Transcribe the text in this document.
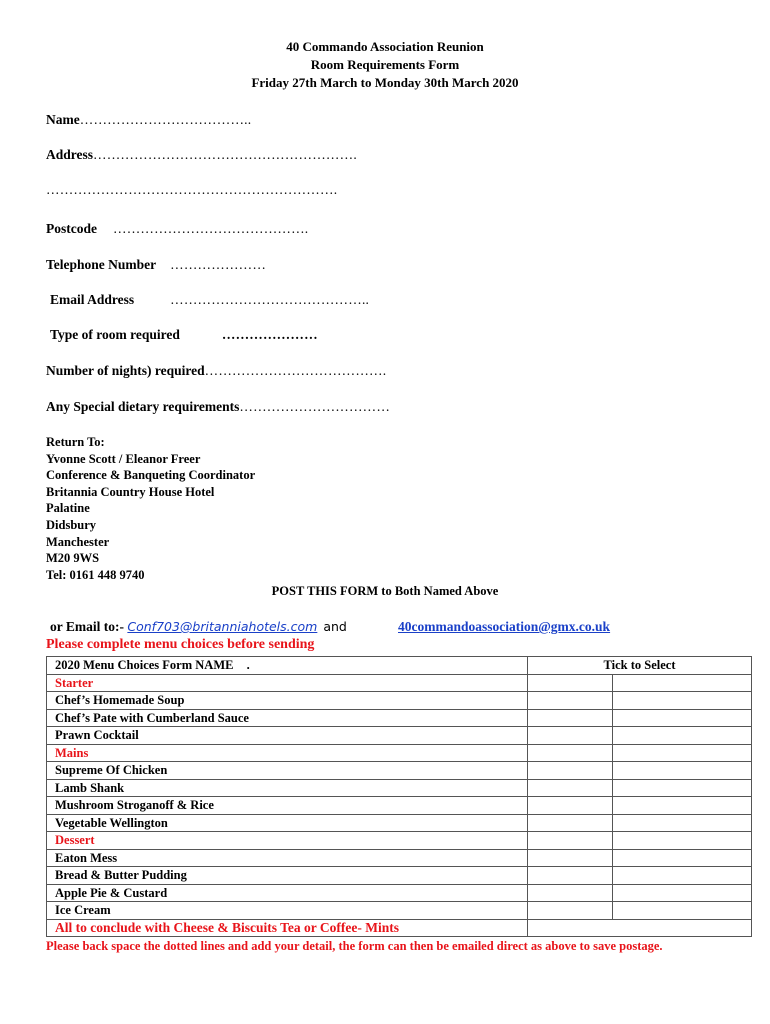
40 Commando Association Reunion
Room Requirements Form
Friday 27th March to Monday 30th March 2020
Name………………………………..
Address………………………………………………….
……………………………………………………….
Postcode …………………………………….
Telephone Number …………………
Email Address	……………………………………..
Type of room required	…………………
Number of nights) required………………………………….
Any Special dietary requirements……………………………
Return To:
Yvonne Scott / Eleanor Freer
Conference & Banqueting Coordinator
Britannia Country House Hotel
Palatine
Didsbury
Manchester
M20 9WS
Tel: 0161 448 9740
POST THIS FORM to Both Named Above
or Email to:- Conf703@britanniahotels.com and	40commandoassociation@gmx.co.uk
Please complete menu choices before sending
2020 Menu Choices Form NAME .	Tick to Select	
Starter		
Chef’s Homemade Soup		
Chef’s Pate with Cumberland Sauce		
Prawn Cocktail		
Mains		
Supreme Of Chicken		
Lamb Shank		
Mushroom Stroganoff & Rice		
Vegetable Wellington		
Dessert		
Eaton Mess		
Bread & Butter Pudding		
Apple Pie & Custard		
Ice Cream		
All to conclude with Cheese & Biscuits Tea or Coffee- Mints		
Please back space the dotted lines and add your detail, the form can then be emailed direct as above to save postage.
